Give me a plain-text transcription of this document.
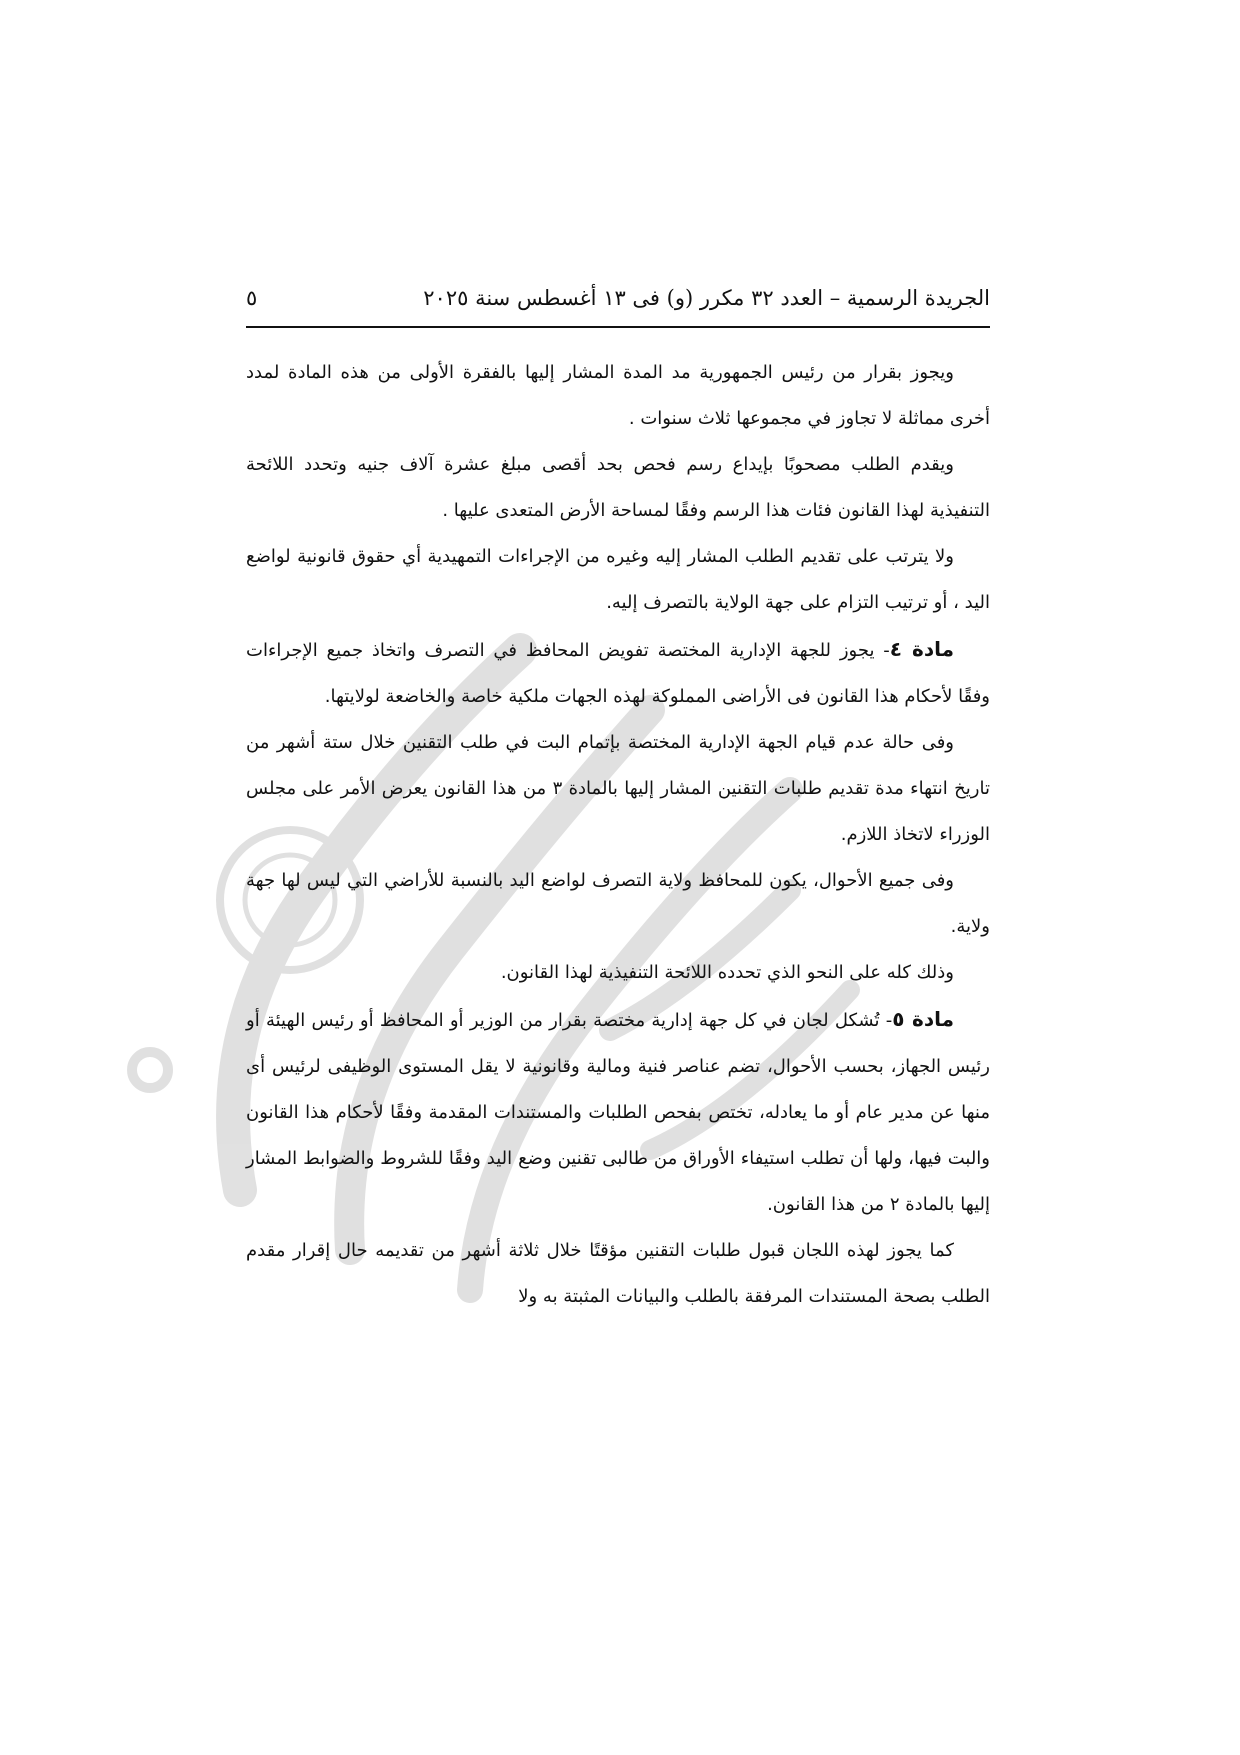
الجريدة الرسمية – العدد ٣٢ مكرر (و) فى ١٣ أغسطس سنة ٢٠٢٥
٥

ويجوز بقرار من رئيس الجمهورية مد المدة المشار إليها بالفقرة الأولى من هذه المادة لمدد أخرى مماثلة لا تجاوز في مجموعها ثلاث سنوات .

ويقدم الطلب مصحوبًا بإيداع رسم فحص بحد أقصى مبلغ عشرة آلاف جنيه وتحدد اللائحة التنفيذية لهذا القانون فئات هذا الرسم وفقًا لمساحة الأرض المتعدى عليها .

ولا يترتب على تقديم الطلب المشار إليه وغيره من الإجراءات التمهيدية أي حقوق قانونية لواضع اليد ، أو ترتيب التزام على جهة الولاية بالتصرف إليه.

مادة ٤- يجوز للجهة الإدارية المختصة تفويض المحافظ في التصرف واتخاذ جميع الإجراءات وفقًا لأحكام هذا القانون فى الأراضى المملوكة لهذه الجهات ملكية خاصة والخاضعة لولايتها.

وفى حالة عدم قيام الجهة الإدارية المختصة بإتمام البت في طلب التقنين خلال ستة أشهر من تاريخ انتهاء مدة تقديم طلبات التقنين المشار إليها بالمادة ٣ من هذا القانون يعرض الأمر على مجلس الوزراء لاتخاذ اللازم.

وفى جميع الأحوال، يكون للمحافظ ولاية التصرف لواضع اليد بالنسبة للأراضي التي ليس لها جهة ولاية.

وذلك كله على النحو الذي تحدده اللائحة التنفيذية لهذا القانون.

مادة ٥- تُشكل لجان في كل جهة إدارية مختصة بقرار من الوزير أو المحافظ أو رئيس الهيئة أو رئيس الجهاز، بحسب الأحوال، تضم عناصر فنية ومالية وقانونية لا يقل المستوى الوظيفى لرئيس أى منها عن مدير عام أو ما يعادله، تختص بفحص الطلبات والمستندات المقدمة وفقًا لأحكام هذا القانون والبت فيها، ولها أن تطلب استيفاء الأوراق من طالبى تقنين وضع اليد وفقًا للشروط والضوابط المشار إليها بالمادة ٢ من هذا القانون.

كما يجوز لهذه اللجان قبول طلبات التقنين مؤقتًا خلال ثلاثة أشهر من تقديمه حال إقرار مقدم الطلب بصحة المستندات المرفقة بالطلب والبيانات المثبتة به ولا
